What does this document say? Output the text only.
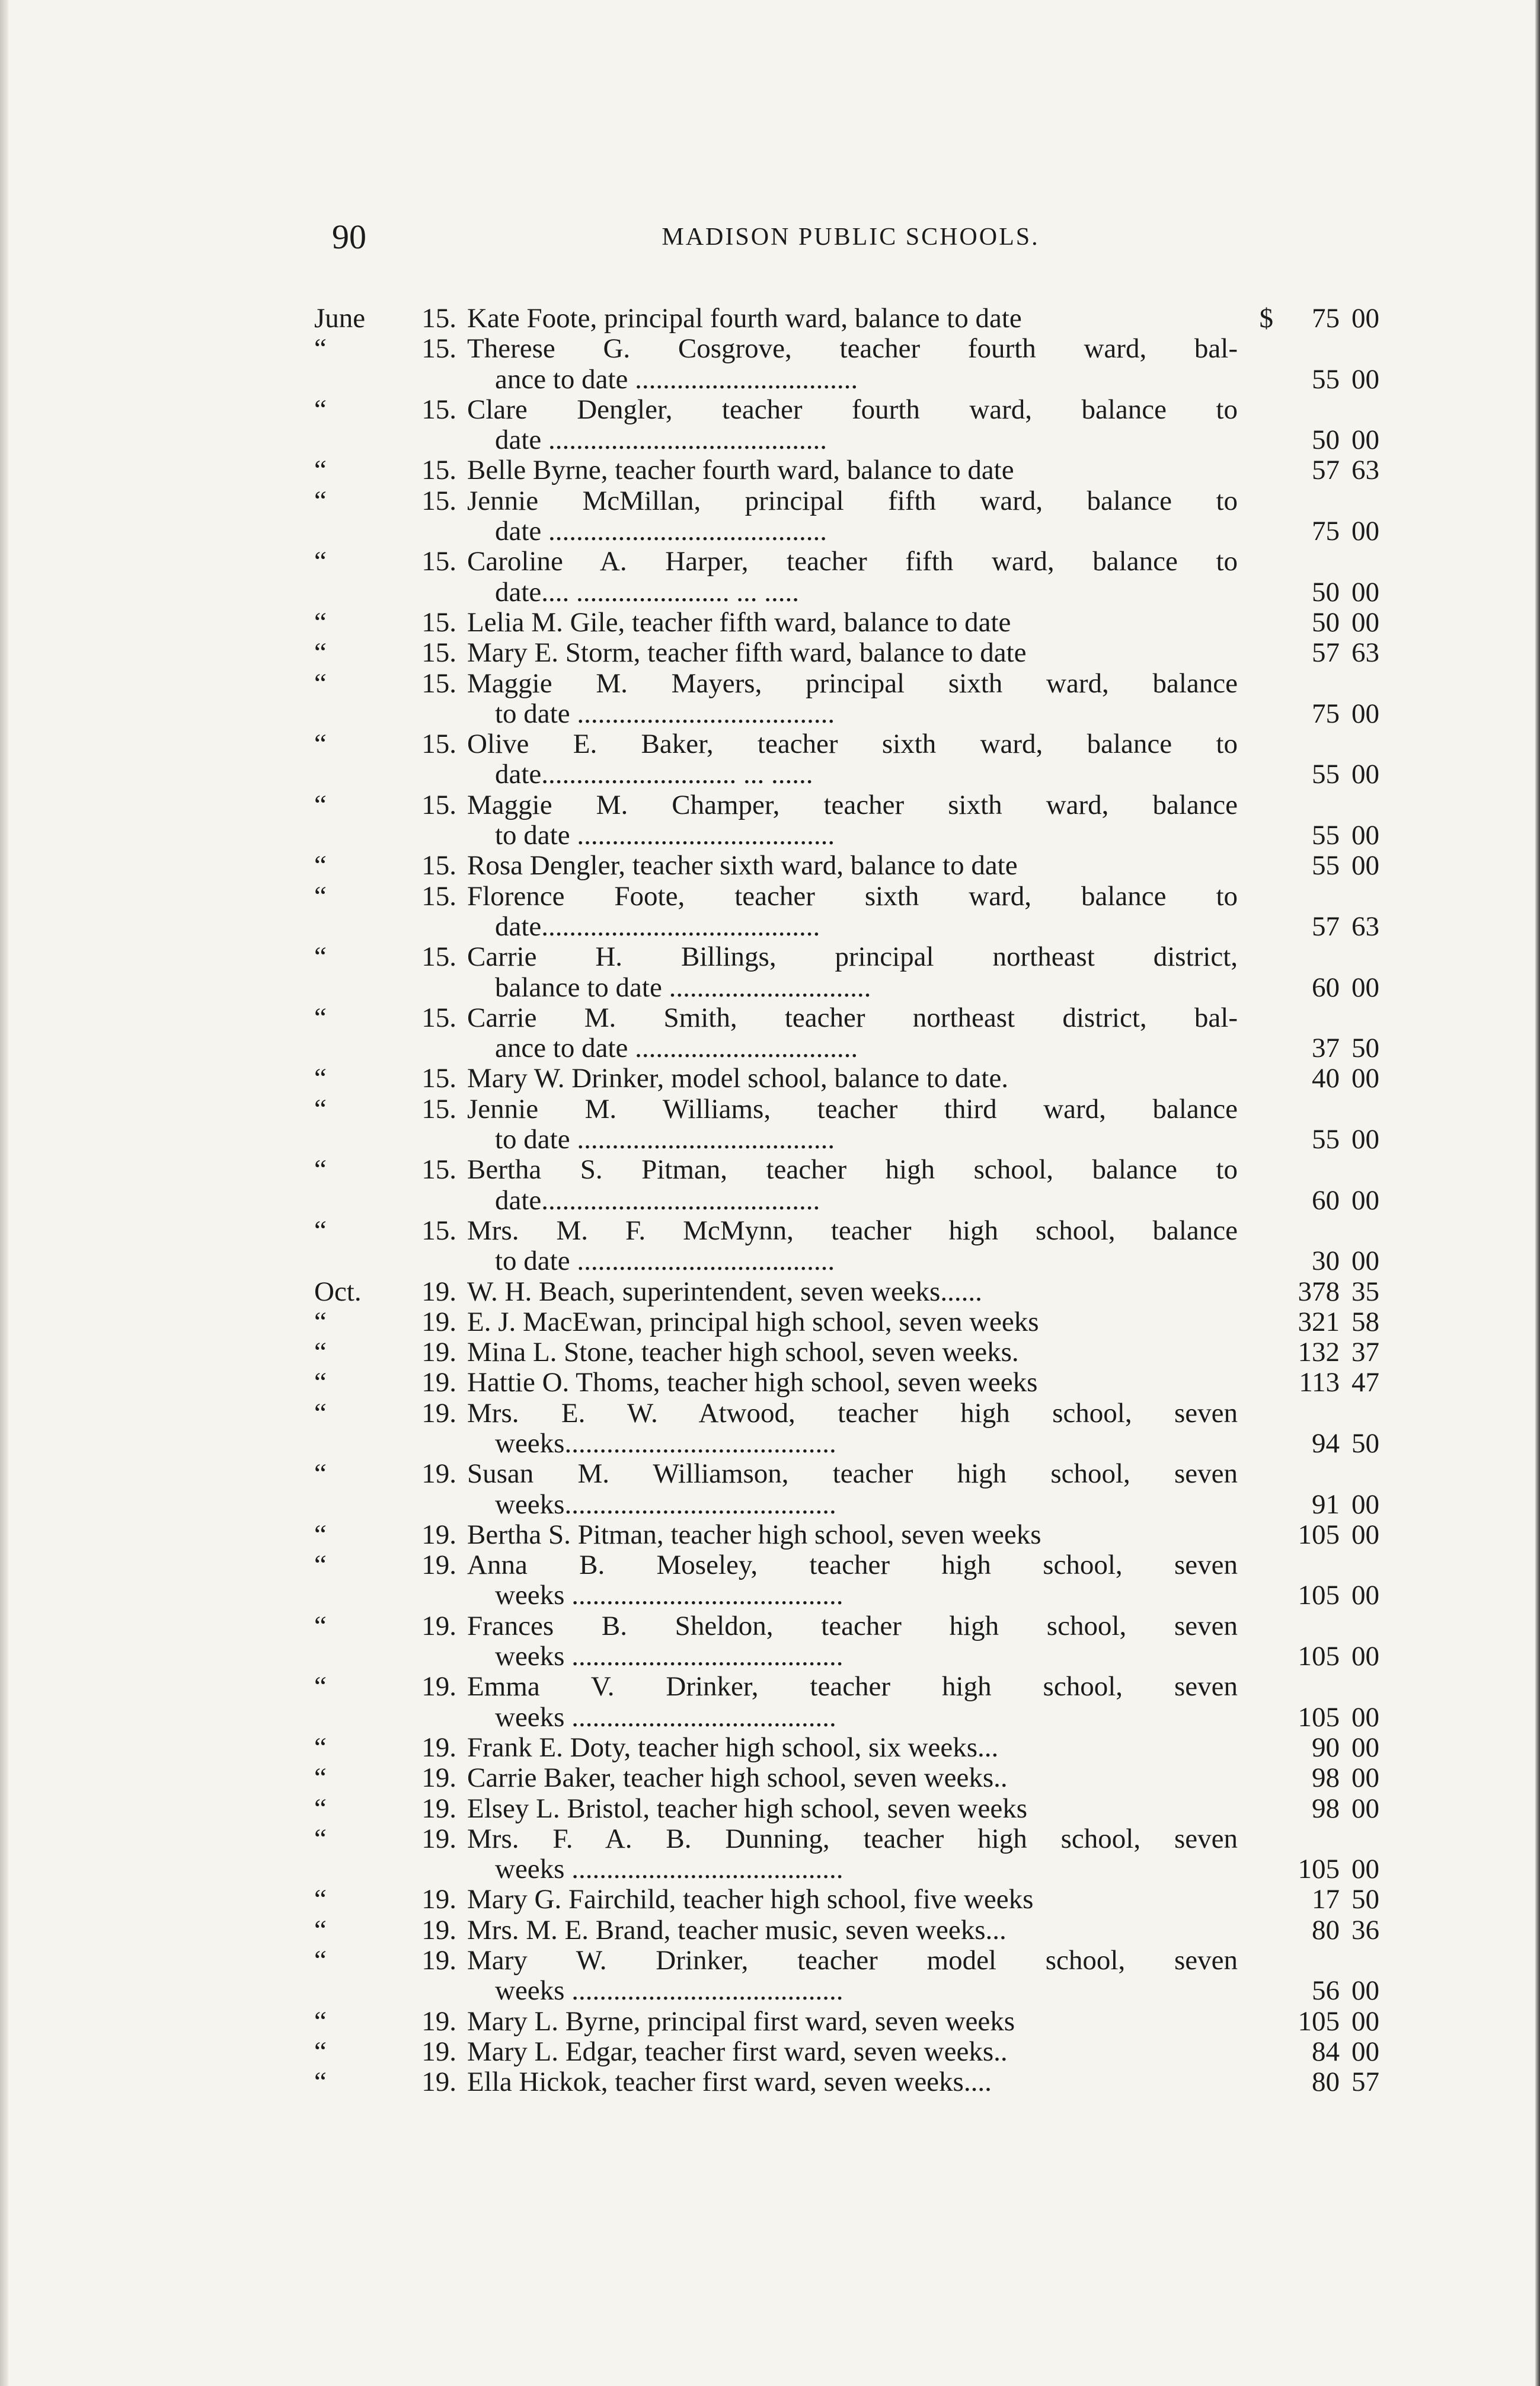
90	MADISON PUBLIC SCHOOLS.
June	15. Kate Foote, principal fourth ward, balance to date	$	75 00
“	15. Therese G. Cosgrove, teacher fourth ward, bal-
ance to date ................................	55 00
“	15. Clare Dengler, teacher fourth ward, balance to
date ........................................	50 00
“	15. Belle Byrne, teacher fourth ward, balance to date	57 63
“	15. Jennie McMillan, principal fifth ward, balance to
date ........................................	75 00
“	15. Caroline A. Harper, teacher fifth ward, balance to
date.... ...................... ... .....	50 00
“	15. Lelia M. Gile, teacher fifth ward, balance to date	50 00
“	15. Mary E. Storm, teacher fifth ward, balance to date	57 63
“	15. Maggie M. Mayers, principal sixth ward, balance
to date .....................................	75 00
“	15. Olive E. Baker, teacher sixth ward, balance to
date............................ ... ......	55 00
“	15. Maggie M. Champer, teacher sixth ward, balance
to date .....................................	55 00
“	15. Rosa Dengler, teacher sixth ward, balance to date	55 00
“	15. Florence Foote, teacher sixth ward, balance to
date........................................	57 63
“	15. Carrie H. Billings, principal northeast district,
balance to date .............................	60 00
“	15. Carrie M. Smith, teacher northeast district, bal-
ance to date ................................	37 50
“	15. Mary W. Drinker, model school, balance to date.	40 00
“	15. Jennie M. Williams, teacher third ward, balance
to date .....................................	55 00
“	15. Bertha S. Pitman, teacher high school, balance to
date........................................	60 00
“	15. Mrs. M. F. McMynn, teacher high school, balance
to date .....................................	30 00
Oct.	19. W. H. Beach, superintendent, seven weeks......	378 35
“	19. E. J. MacEwan, principal high school, seven weeks	321 58
“	19. Mina L. Stone, teacher high school, seven weeks.	132 37
“	19. Hattie O. Thoms, teacher high school, seven weeks	113 47
“	19. Mrs. E. W. Atwood, teacher high school, seven
weeks.......................................	94 50
“	19. Susan M. Williamson, teacher high school, seven
weeks.......................................	91 00
“	19. Bertha S. Pitman, teacher high school, seven weeks	105 00
“	19. Anna B. Moseley, teacher high school, seven
weeks .......................................	105 00
“	19. Frances B. Sheldon, teacher high school, seven
weeks .......................................	105 00
“	19. Emma V. Drinker, teacher high school, seven
weeks ......................................	105 00
“	19. Frank E. Doty, teacher high school, six weeks...	90 00
“	19. Carrie Baker, teacher high school, seven weeks..	98 00
“	19. Elsey L. Bristol, teacher high school, seven weeks	98 00
“	19. Mrs. F. A. B. Dunning, teacher high school, seven
weeks .......................................	105 00
“	19. Mary G. Fairchild, teacher high school, five weeks	17 50
“	19. Mrs. M. E. Brand, teacher music, seven weeks...	80 36
“	19. Mary W. Drinker, teacher model school, seven
weeks .......................................	56 00
“	19. Mary L. Byrne, principal first ward, seven weeks	105 00
“	19. Mary L. Edgar, teacher first ward, seven weeks..	84 00
“	19. Ella Hickok, teacher first ward, seven weeks....	80 57
